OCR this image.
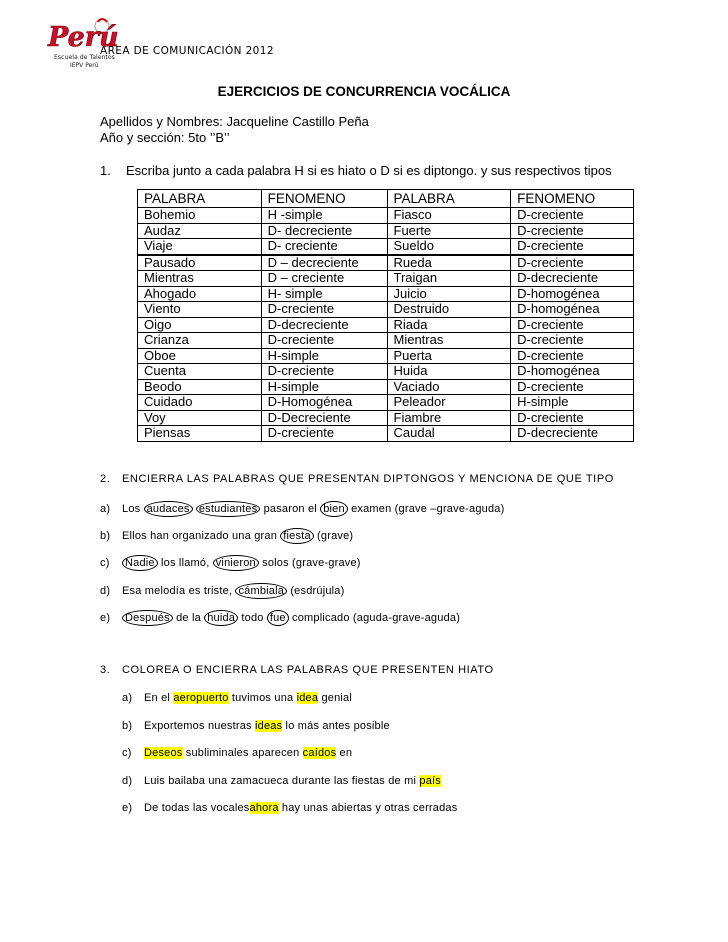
Perú
Escuela de Talentos
IEPV Perú
AREA DE COMUNICACIÓN 2012
EJERCICIOS DE CONCURRENCIA VOCÁLICA
Apellidos y Nombres: Jacqueline Castillo Peña
Año y sección: 5to ’’B’’
1. Escriba junto a cada palabra H si es hiato o D si es diptongo. y sus respectivos tipos
PALABRA	FENOMENO	PALABRA	FENOMENO
Bohemio	H -simple	Fiasco	D-creciente
Audaz	D- decreciente	Fuerte	D-creciente
Viaje	D- creciente	Sueldo	D-creciente
Pausado	D – decreciente	Rueda	D-creciente
Mientras	D – creciente	Traigan	D-decreciente
Ahogado	H- simple	Juicio	D-homogénea
Viento	D-creciente	Destruido	D-homogénea
Oigo	D-decreciente	Riada	D-creciente
Crianza	D-creciente	Mientras	D-creciente
Oboe	H-simple	Puerta	D-creciente
Cuenta	D-creciente	Huida	D-homogénea
Beodo	H-simple	Vaciado	D-creciente
Cuidado	D-Homogénea	Peleador	H-simple
Voy	D-Decreciente	Fiambre	D-creciente
Piensas	D-creciente	Caudal	D-decreciente
2. ENCIERRA LAS PALABRAS QUE PRESENTAN DIPTONGOS Y MENCIONA DE QUE TIPO
a) Los audaces estudiantes pasaron el bien examen (grave –grave-aguda)
b) Ellos han organizado una gran fiesta (grave)
c) Nadie los llamó, vinieron solos (grave-grave)
d) Esa melodía es triste, cámbiala (esdrújula)
e) Después de la huida todo fue complicado (aguda-grave-aguda)
3. COLOREA O ENCIERRA LAS PALABRAS QUE PRESENTEN HIATO
a) En el aeropuerto tuvimos una idea genial
b) Exportemos nuestras ideas lo más antes posible
c) Deseos subliminales aparecen caídos en
d) Luis bailaba una zamacueca durante las fiestas de mi país
e) De todas las vocalesahora hay unas abiertas y otras cerradas
